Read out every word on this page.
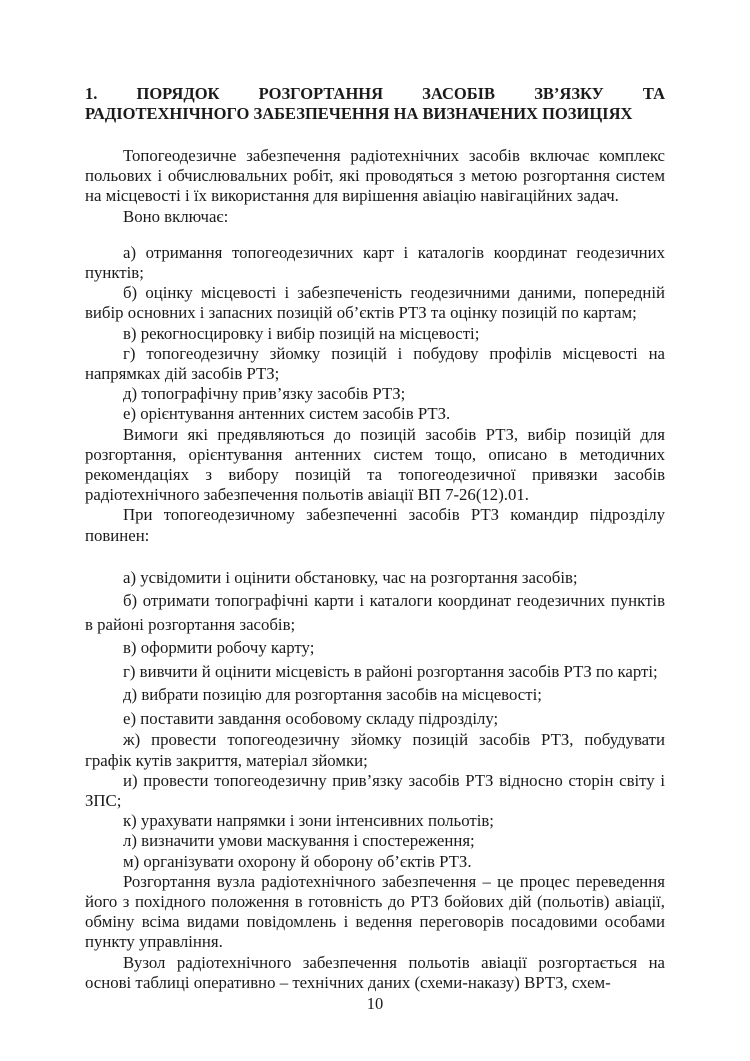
1. ПОРЯДОК РОЗГОРТАННЯ ЗАСОБІВ ЗВ’ЯЗКУ ТА
РАДІОТЕХНІЧНОГО ЗАБЕЗПЕЧЕННЯ НА ВИЗНАЧЕНИХ ПОЗИЦІЯХ

Топогеодезичне забезпечення радіотехнічних засобів включає комплекс польових і обчислювальних робіт, які проводяться з метою розгортання систем на місцевості і їх використання для вирішення авіацію навігаційних задач.

Воно включає:

а) отримання топогеодезичних карт і каталогів координат геодезичних пунктів;

б) оцінку місцевості і забезпеченість геодезичними даними, попередній вибір основних і запасних позицій об’єктів РТЗ та оцінку позицій по картам;

в) рекогносцировку і вибір позицій на місцевості;

г) топогеодезичну зйомку позицій і побудову профілів місцевості на напрямках дій засобів РТЗ;

д) топографічну прив’язку засобів РТЗ;

е) орієнтування антенних систем засобів РТЗ.

Вимоги які предявляються до позицій засобів РТЗ, вибір позицій для розгортання, орієнтування антенних систем тощо, описано в методичних рекомендаціях з вибору позицій та топогеодезичної привязки засобів радіотехнічного забезпечення польотів авіації ВП 7-26(12).01.

При топогеодезичному забезпеченні засобів РТЗ командир підрозділу повинен:

а) усвідомити і оцінити обстановку, час на розгортання засобів;

б) отримати топографічні карти і каталоги координат геодезичних пунктів в районі розгортання засобів;

в) оформити робочу карту;

г) вивчити й оцінити місцевість в районі розгортання засобів РТЗ по карті;

д) вибрати позицію для розгортання засобів на місцевості;

е) поставити завдання особовому складу підрозділу;

ж) провести топогеодезичну зйомку позицій засобів РТЗ, побудувати графік кутів закриття, матеріал зйомки;

и) провести топогеодезичну прив’язку засобів РТЗ відносно сторін світу і ЗПС;

к) урахувати напрямки і зони інтенсивних польотів;

л) визначити умови маскування і спостереження;

м) організувати охорону й оборону об’єктів РТЗ.

Розгортання вузла радіотехнічного забезпечення – це процес переведення його з похідного положення в готовність до РТЗ бойових дій (польотів) авіації, обміну всіма видами повідомлень і ведення переговорів посадовими особами пункту управління.

Вузол радіотехнічного забезпечення польотів авіації розгортається на основі таблиці оперативно – технічних даних (схеми-наказу) ВРТЗ, схем-

10
